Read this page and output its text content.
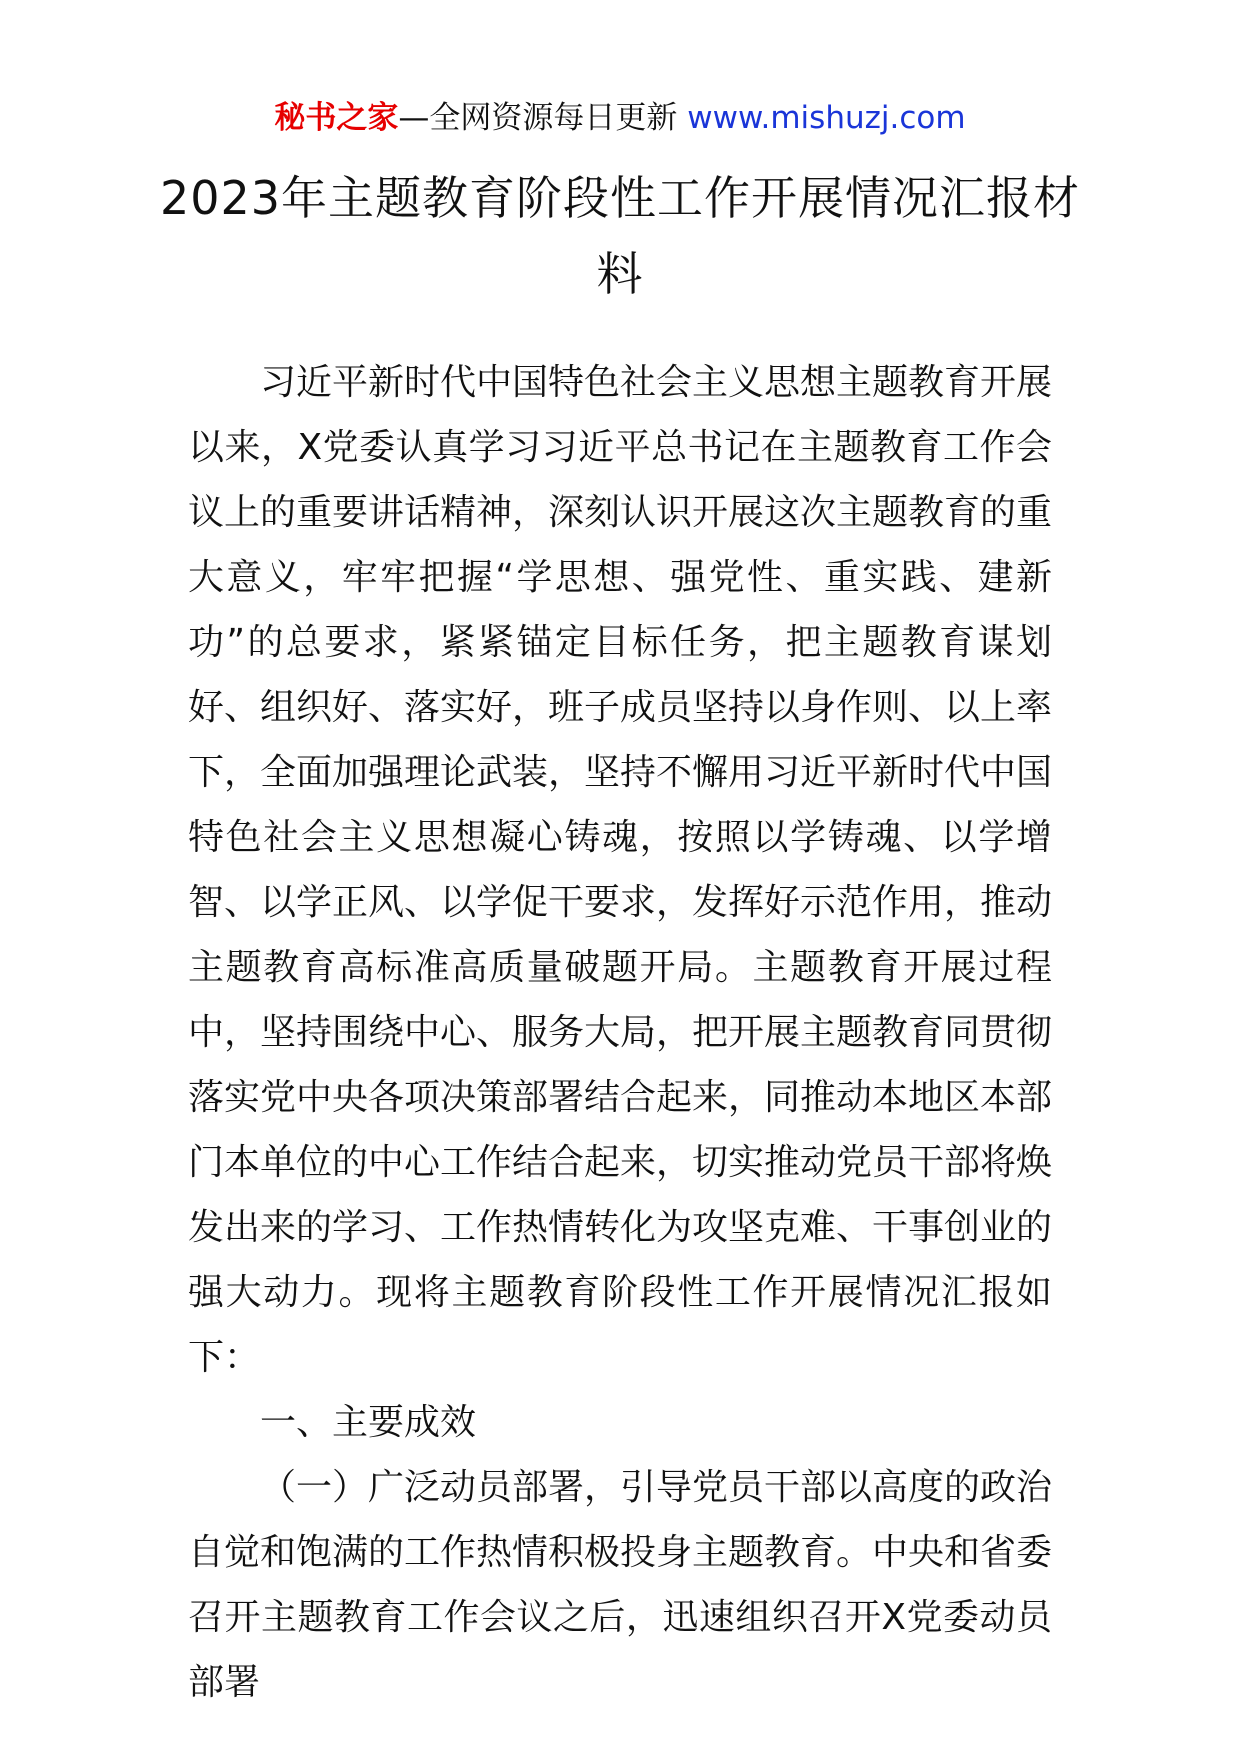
秘书之家—全网资源每日更新 www.mishuzj.com
2023年主题教育阶段性工作开展情况汇报材料

习近平新时代中国特色社会主义思想主题教育开展以来，X党委认真学习习近平总书记在主题教育工作会议上的重要讲话精神，深刻认识开展这次主题教育的重大意义，牢牢把握“学思想、强党性、重实践、建新功”的总要求，紧紧锚定目标任务，把主题教育谋划好、组织好、落实好，班子成员坚持以身作则、以上率下，全面加强理论武装，坚持不懈用习近平新时代中国特色社会主义思想凝心铸魂，按照以学铸魂、以学增智、以学正风、以学促干要求，发挥好示范作用，推动主题教育高标准高质量破题开局。主题教育开展过程中，坚持围绕中心、服务大局，把开展主题教育同贯彻落实党中央各项决策部署结合起来，同推动本地区本部门本单位的中心工作结合起来，切实推动党员干部将焕发出来的学习、工作热情转化为攻坚克难、干事创业的强大动力。现将主题教育阶段性工作开展情况汇报如下：

一、主要成效

（一）广泛动员部署，引导党员干部以高度的政治自觉和饱满的工作热情积极投身主题教育。中央和省委召开主题教育工作会议之后，迅速组织召开X党委动员部署
